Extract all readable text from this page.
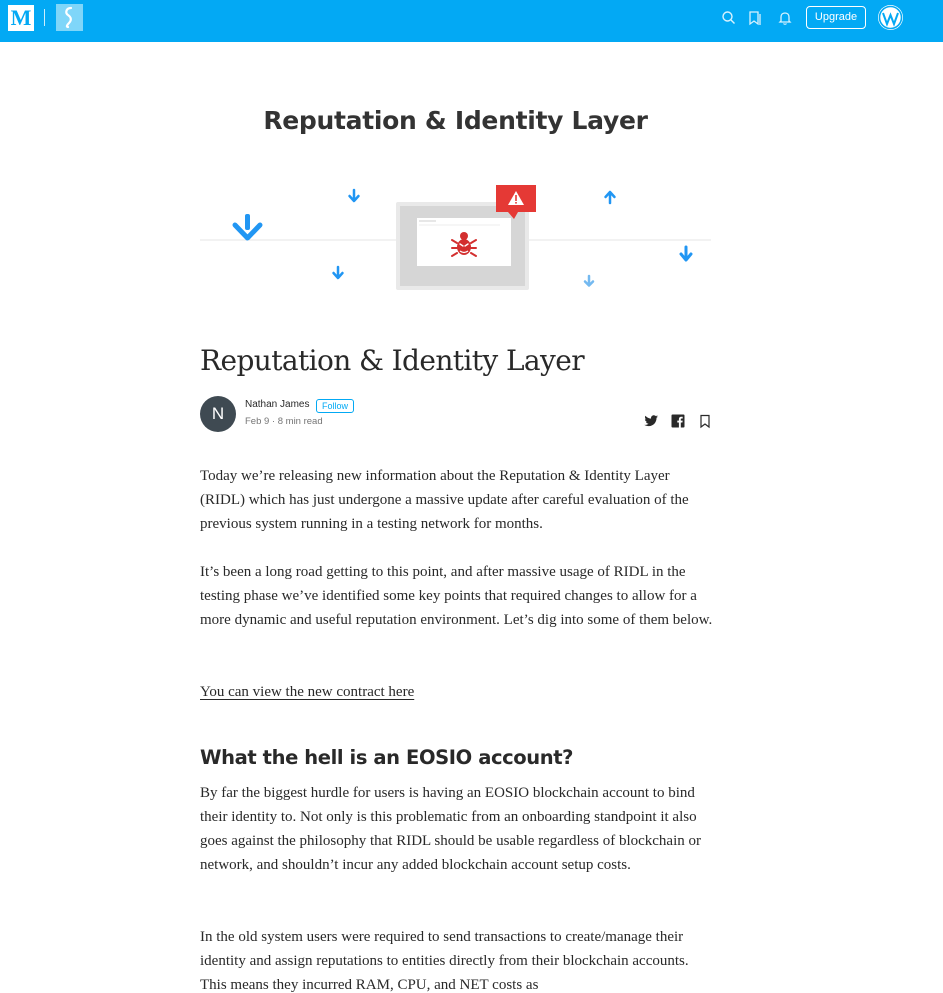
M	Upgrade
Reputation & Identity Layer
Reputation & Identity Layer
N	Nathan James	Follow
Feb 9 · 8 min read

Today we’re releasing new information about the Reputation & Identity Layer (RIDL) which has just undergone a massive update after careful evaluation of the previous system running in a testing network for months.

It’s been a long road getting to this point, and after massive usage of RIDL in the testing phase we’ve identified some key points that required changes to allow for a more dynamic and useful reputation environment. Let’s dig into some of them below.

You can view the new contract here

What the hell is an EOSIO account?

By far the biggest hurdle for users is having an EOSIO blockchain account to bind their identity to. Not only is this problematic from an onboarding standpoint it also goes against the philosophy that RIDL should be usable regardless of blockchain or network, and shouldn’t incur any added blockchain account setup costs.

In the old system users were required to send transactions to create/manage their identity and assign reputations to entities directly from their blockchain accounts. This means they incurred RAM, CPU, and NET costs as
